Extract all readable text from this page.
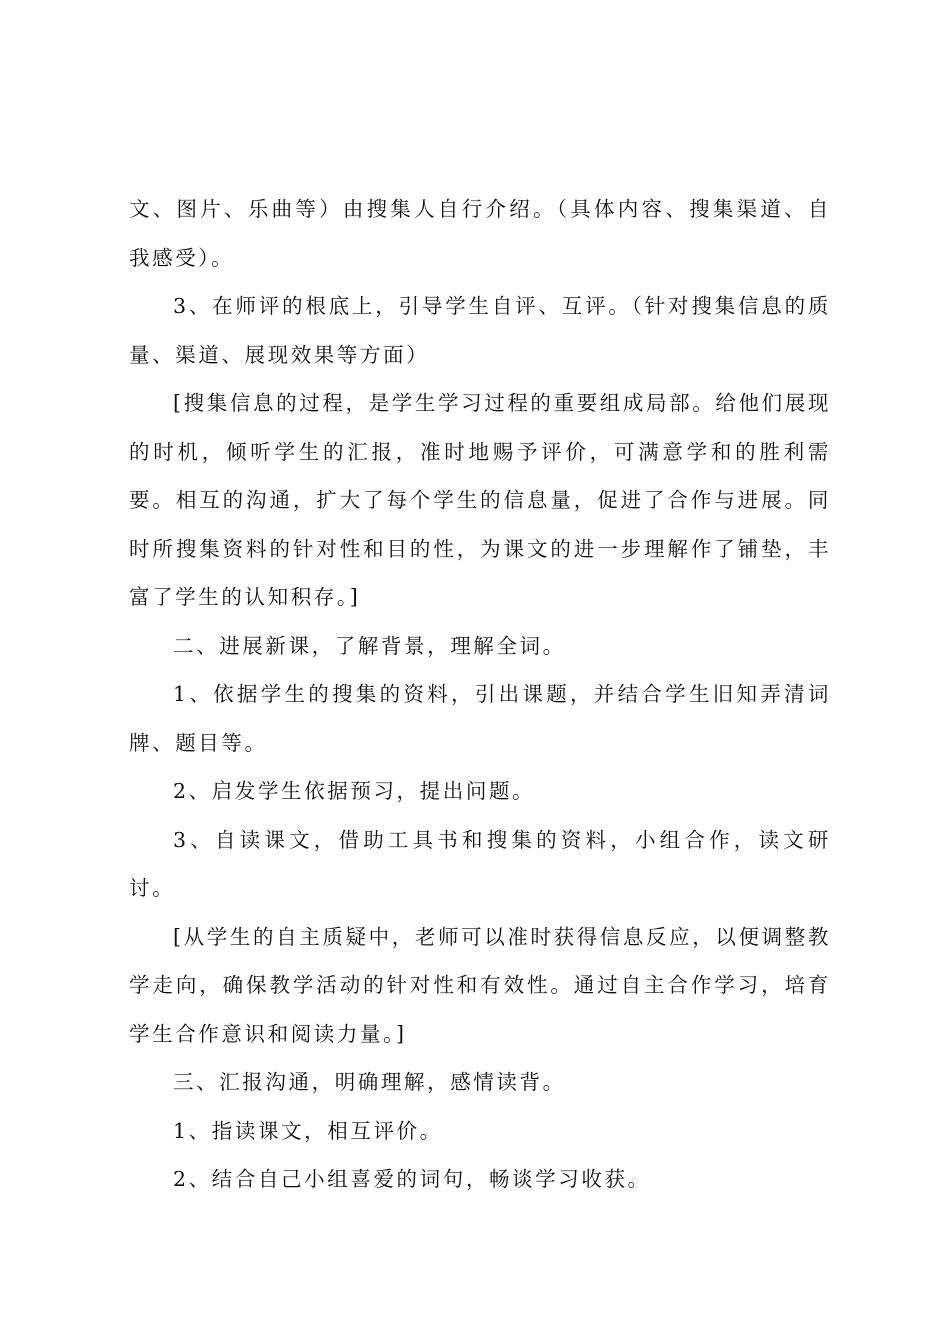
文、图片、乐曲等）由搜集人自行介绍。（具体内容、搜集渠道、自我感受）。

3、在师评的根底上，引导学生自评、互评。（针对搜集信息的质量、渠道、展现效果等方面）

[搜集信息的过程，是学生学习过程的重要组成局部。给他们展现的时机，倾听学生的汇报，准时地赐予评价，可满意学和的胜利需要。相互的沟通，扩大了每个学生的信息量，促进了合作与进展。同时所搜集资料的针对性和目的性，为课文的进一步理解作了铺垫，丰富了学生的认知积存。]

二、进展新课，了解背景，理解全词。

1、依据学生的搜集的资料，引出课题，并结合学生旧知弄清词牌、题目等。

2、启发学生依据预习，提出问题。

3、自读课文，借助工具书和搜集的资料，小组合作，读文研讨。

[从学生的自主质疑中，老师可以准时获得信息反应，以便调整教学走向，确保教学活动的针对性和有效性。通过自主合作学习，培育学生合作意识和阅读力量。]

三、汇报沟通，明确理解，感情读背。

1、指读课文，相互评价。

2、结合自己小组喜爱的词句，畅谈学习收获。
